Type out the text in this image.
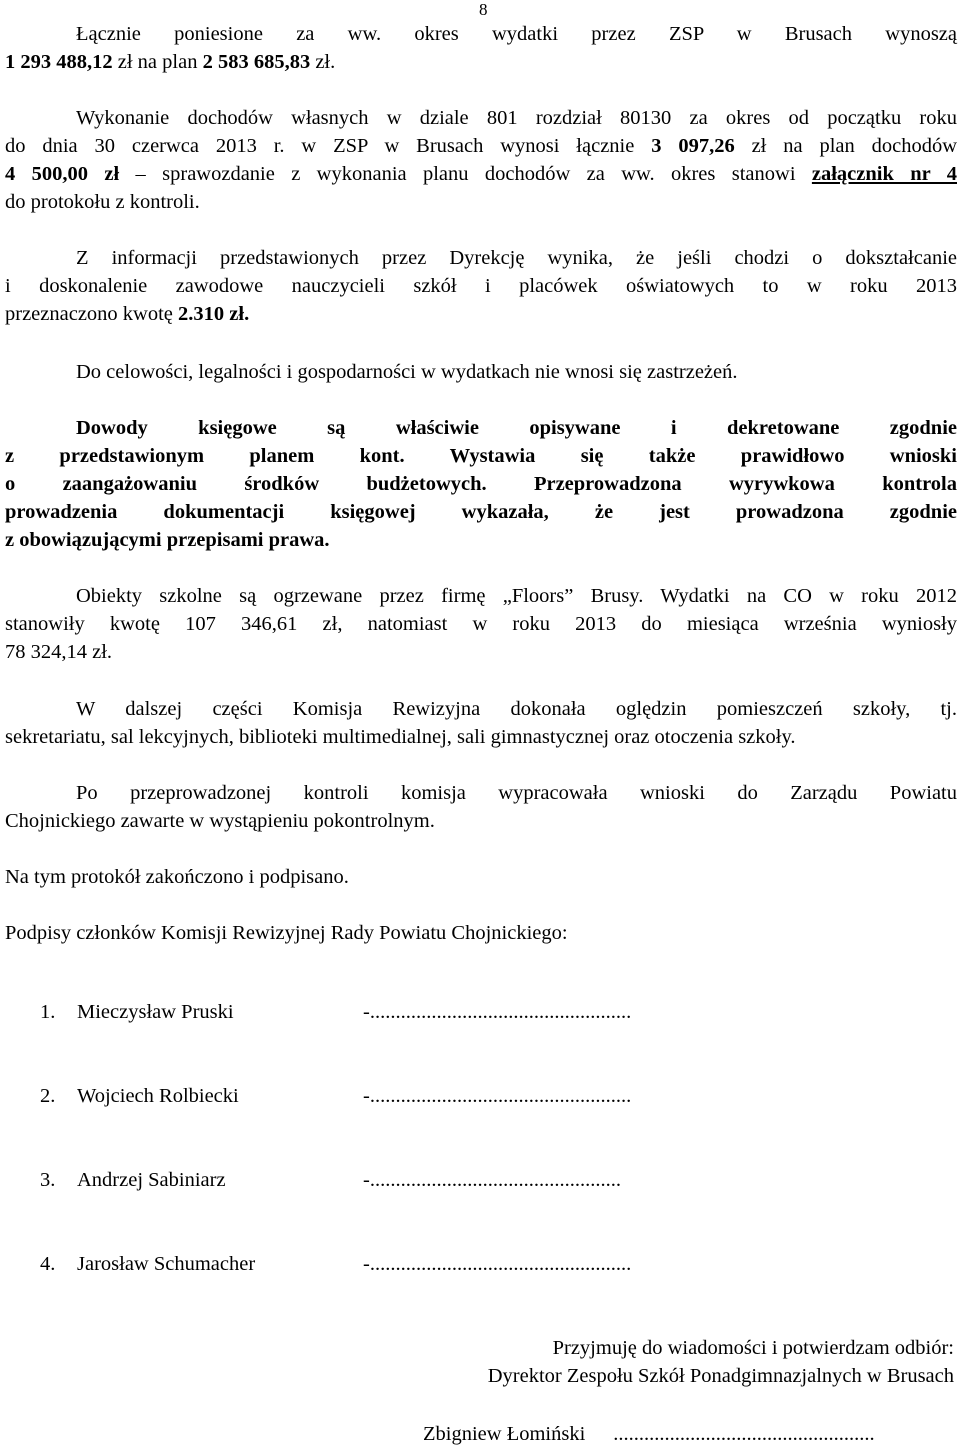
8
Łącznie poniesione za ww. okres wydatki przez ZSP w Brusach wynoszą
1 293 488,12 zł na plan 2 583 685,83 zł.
Wykonanie dochodów własnych w dziale 801 rozdział 80130 za okres od początku roku
do dnia 30 czerwca 2013 r. w ZSP w Brusach wynosi łącznie 3 097,26 zł na plan dochodów
4 500,00 zł – sprawozdanie z wykonania planu dochodów za ww. okres stanowi załącznik nr 4
do protokołu z kontroli.
Z informacji przedstawionych przez Dyrekcję wynika, że jeśli chodzi o dokształcanie
i doskonalenie zawodowe nauczycieli szkół i placówek oświatowych to w roku 2013
przeznaczono kwotę 2.310 zł.
Do celowości, legalności i gospodarności w wydatkach nie wnosi się zastrzeżeń.
Dowody księgowe są właściwie opisywane i dekretowane zgodnie
z przedstawionym planem kont. Wystawia się także prawidłowo wnioski
o zaangażowaniu środków budżetowych. Przeprowadzona wyrywkowa kontrola
prowadzenia dokumentacji księgowej wykazała, że jest prowadzona zgodnie
z obowiązującymi przepisami prawa.
Obiekty szkolne są ogrzewane przez firmę „Floors” Brusy. Wydatki na CO w roku 2012
stanowiły kwotę 107 346,61 zł, natomiast w roku 2013 do miesiąca września wyniosły
78 324,14 zł.
W dalszej części Komisja Rewizyjna dokonała oględzin pomieszczeń szkoły, tj.
sekretariatu, sal lekcyjnych, biblioteki multimedialnej, sali gimnastycznej oraz otoczenia szkoły.
Po przeprowadzonej kontroli komisja wypracowała wnioski do Zarządu Powiatu
Chojnickiego zawarte w wystąpieniu pokontrolnym.
Na tym protokół zakończono i podpisano.
Podpisy członków Komisji Rewizyjnej Rady Powiatu Chojnickiego:
1. Mieczysław Pruski	-...................................................
2. Wojciech Rolbiecki	-...................................................
3. Andrzej Sabiniarz	-.................................................
4. Jarosław Schumacher	-...................................................
Przyjmuję do wiadomości i potwierdzam odbiór:
Dyrektor Zespołu Szkół Ponadgimnazjalnych w Brusach
Zbigniew Łomiński ...................................................
